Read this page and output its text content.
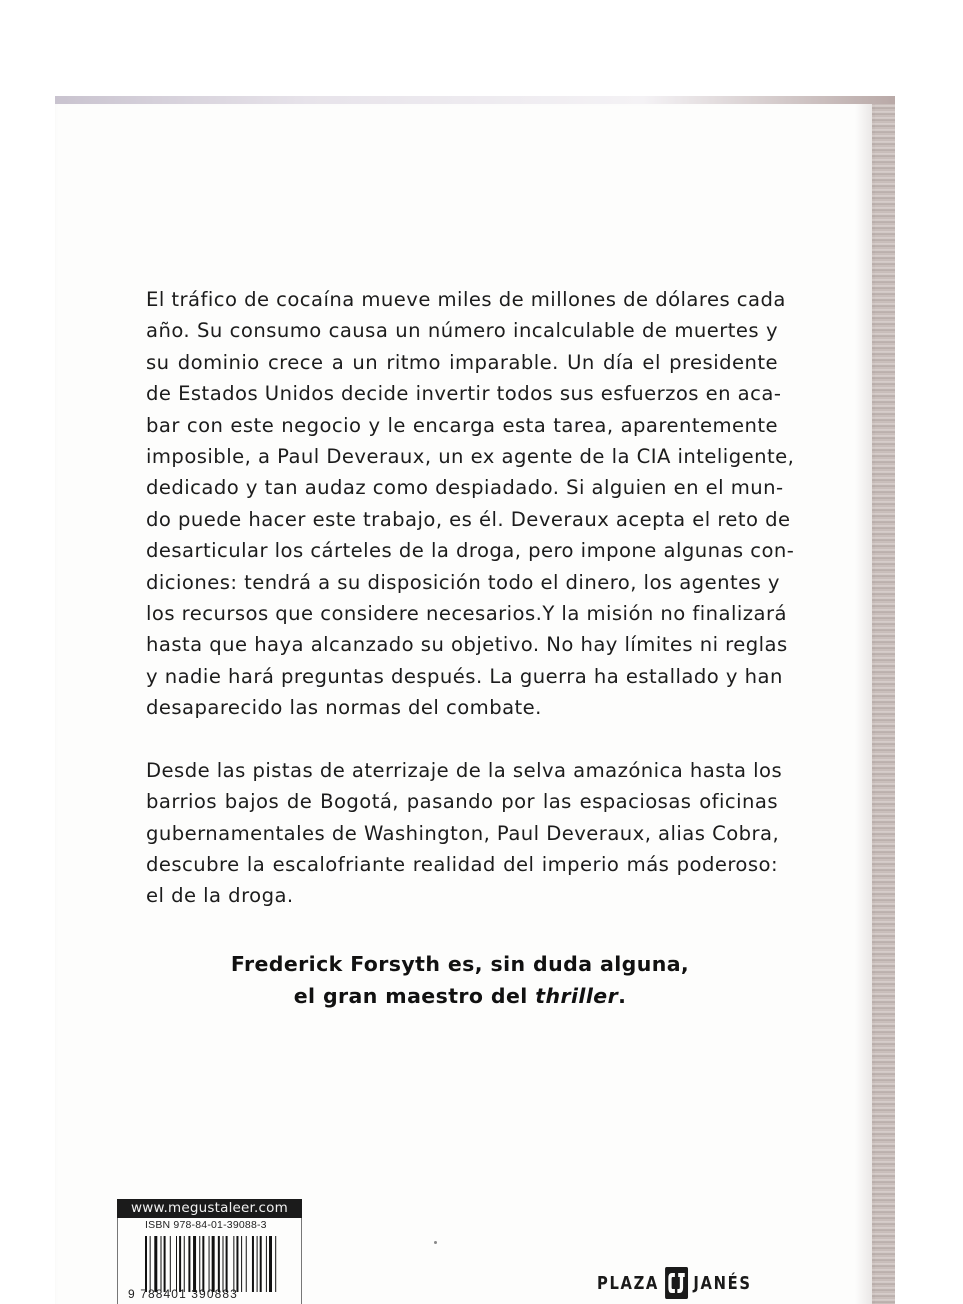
El tráfico de cocaína mueve miles de millones de dólares cada
año. Su consumo causa un número incalculable de muertes y
su dominio crece a un ritmo imparable. Un día el presidente
de Estados Unidos decide invertir todos sus esfuerzos en aca-
bar con este negocio y le encarga esta tarea, aparentemente
imposible, a Paul Deveraux, un ex agente de la CIA inteligente,
dedicado y tan audaz como despiadado. Si alguien en el mun-
do puede hacer este trabajo, es él. Deveraux acepta el reto de
desarticular los cárteles de la droga, pero impone algunas con-
diciones: tendrá a su disposición todo el dinero, los agentes y
los recursos que considere necesarios.Y la misión no finalizará
hasta que haya alcanzado su objetivo. No hay límites ni reglas
y nadie hará preguntas después. La guerra ha estallado y han
desaparecido las normas del combate.

Desde las pistas de aterrizaje de la selva amazónica hasta los
barrios bajos de Bogotá, pasando por las espaciosas oficinas
gubernamentales de Washington, Paul Deveraux, alias Cobra,
descubre la escalofriante realidad del imperio más poderoso:
el de la droga.

Frederick Forsyth es, sin duda alguna,
el gran maestro del thriller.
www.megustaleer.com
ISBN 978-84-01-39088-3
9 788401 390883
PLAZA JANÉS
